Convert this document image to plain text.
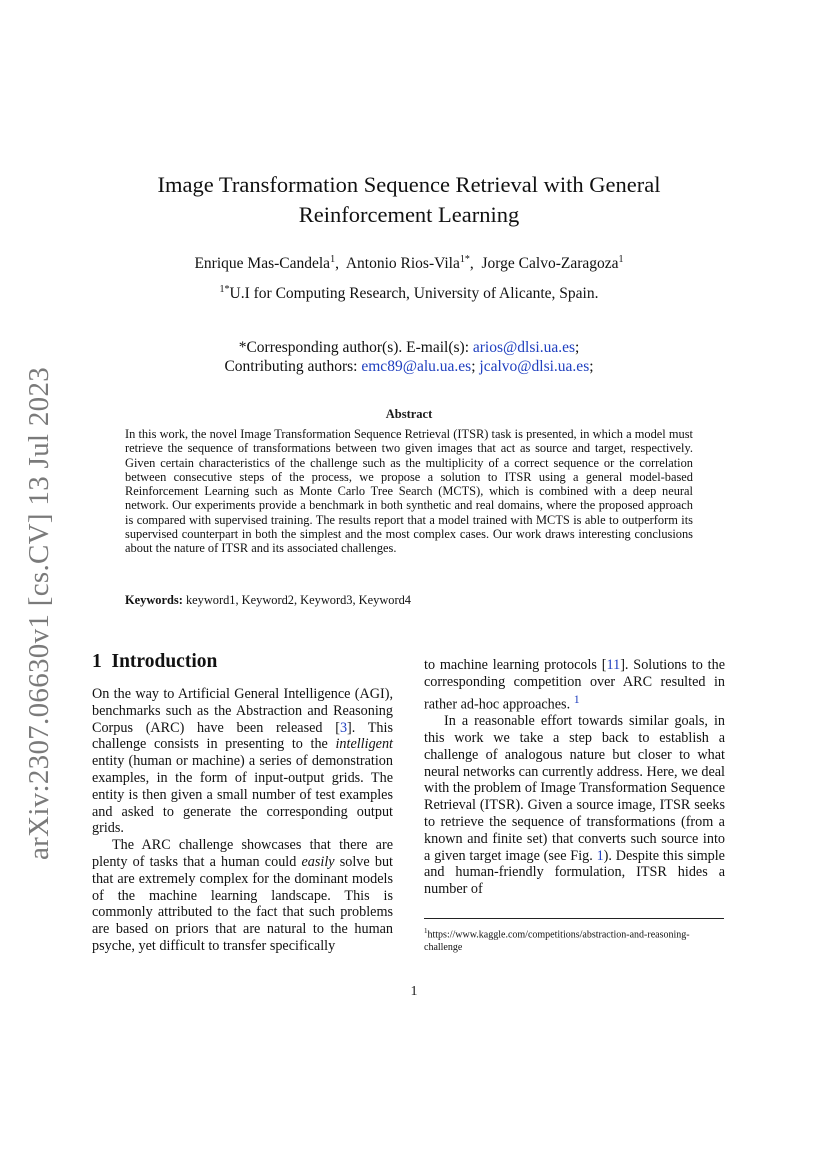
arXiv:2307.06630v1 [cs.CV] 13 Jul 2023
Image Transformation Sequence Retrieval with General
Reinforcement Learning
Enrique Mas-Candela$^1$,  Antonio Rios-Vila$^{1*}$,  Jorge Calvo-Zaragoza$^1$
$^{1*}$U.I for Computing Research, University of Alicante, Spain.
*Corresponding author(s). E-mail(s): arios@dlsi.ua.es;
Contributing authors: emc89@alu.ua.es; jcalvo@dlsi.ua.es;
Abstract
In this work, the novel Image Transformation Sequence Retrieval (ITSR) task is presented, in which a model must retrieve the sequence of transformations between two given images that act as source and target, respectively. Given certain characteristics of the challenge such as the multiplicity of a correct sequence or the correlation between consecutive steps of the process, we propose a solution to ITSR using a general model-based Reinforcement Learning such as Monte Carlo Tree Search (MCTS), which is combined with a deep neural network. Our experiments provide a benchmark in both synthetic and real domains, where the proposed approach is compared with supervised training. The results report that a model trained with MCTS is able to outperform its supervised counterpart in both the simplest and the most complex cases. Our work draws interesting conclusions about the nature of ITSR and its associated challenges.
Keywords: keyword1, Keyword2, Keyword3, Keyword4
1 Introduction

On the way to Artificial General Intelligence (AGI), benchmarks such as the Abstraction and Reasoning Corpus (ARC) have been released [3]. This challenge consists in presenting to the intelligent entity (human or machine) a series of demonstration examples, in the form of input-output grids. The entity is then given a small number of test examples and asked to generate the corresponding output grids.

The ARC challenge showcases that there are plenty of tasks that a human could easily solve but that are extremely complex for the dominant models of the machine learning landscape. This is commonly attributed to the fact that such problems are based on priors that are natural to the human psyche, yet difficult to transfer specifically

to machine learning protocols [11]. Solutions to the corresponding competition over ARC resulted in rather ad-hoc approaches. $^1$

In a reasonable effort towards similar goals, in this work we take a step back to establish a challenge of analogous nature but closer to what neural networks can currently address. Here, we deal with the problem of Image Transformation Sequence Retrieval (ITSR). Given a source image, ITSR seeks to retrieve the sequence of transformations (from a known and finite set) that converts such source into a given target image (see Fig. 1). Despite this simple and human-friendly formulation, ITSR hides a number of

$^1$https://www.kaggle.com/competitions/abstraction-and-reasoning-challenge
1
